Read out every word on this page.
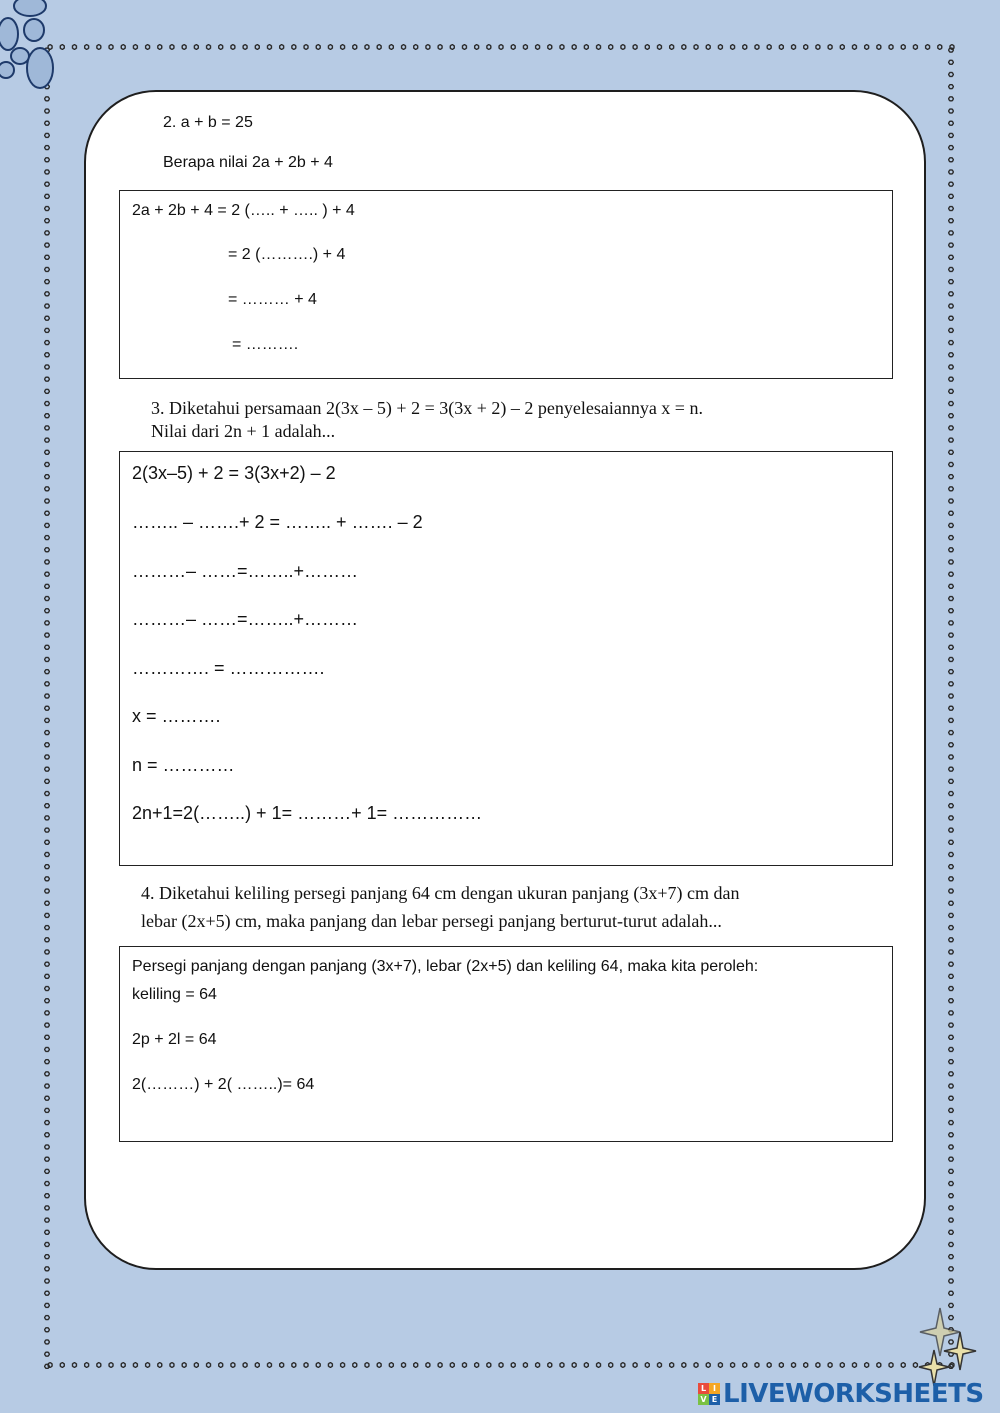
2. a + b = 25

Berapa nilai 2a + 2b + 4

2a + 2b + 4 = 2 (….. + ….. ) + 4

= 2 (……….) + 4

= ……… + 4

= ……….

3. Diketahui persamaan 2(3x – 5) + 2 = 3(3x + 2) – 2 penyelesaiannya x = n.

Nilai dari 2n + 1 adalah...

2(3x–5) + 2 = 3(3x+2) – 2

…….. – …….+ 2 = …….. + ……. – 2

………– ……=……..+………

………– ……=……..+………

…………. = …………….

x = ……….

n = …………

2n+1=2(……..) + 1= ………+ 1= ……………

4. Diketahui keliling persegi panjang 64 cm dengan ukuran panjang (3x+7) cm dan

lebar (2x+5) cm, maka panjang dan lebar persegi panjang berturut-turut adalah...

Persegi panjang dengan panjang (3x+7), lebar (2x+5) dan keliling 64, maka kita peroleh:

keliling = 64

2p + 2l = 64

2(………) + 2( ……..)= 64

L I
V E LIVEWORKSHEETS
